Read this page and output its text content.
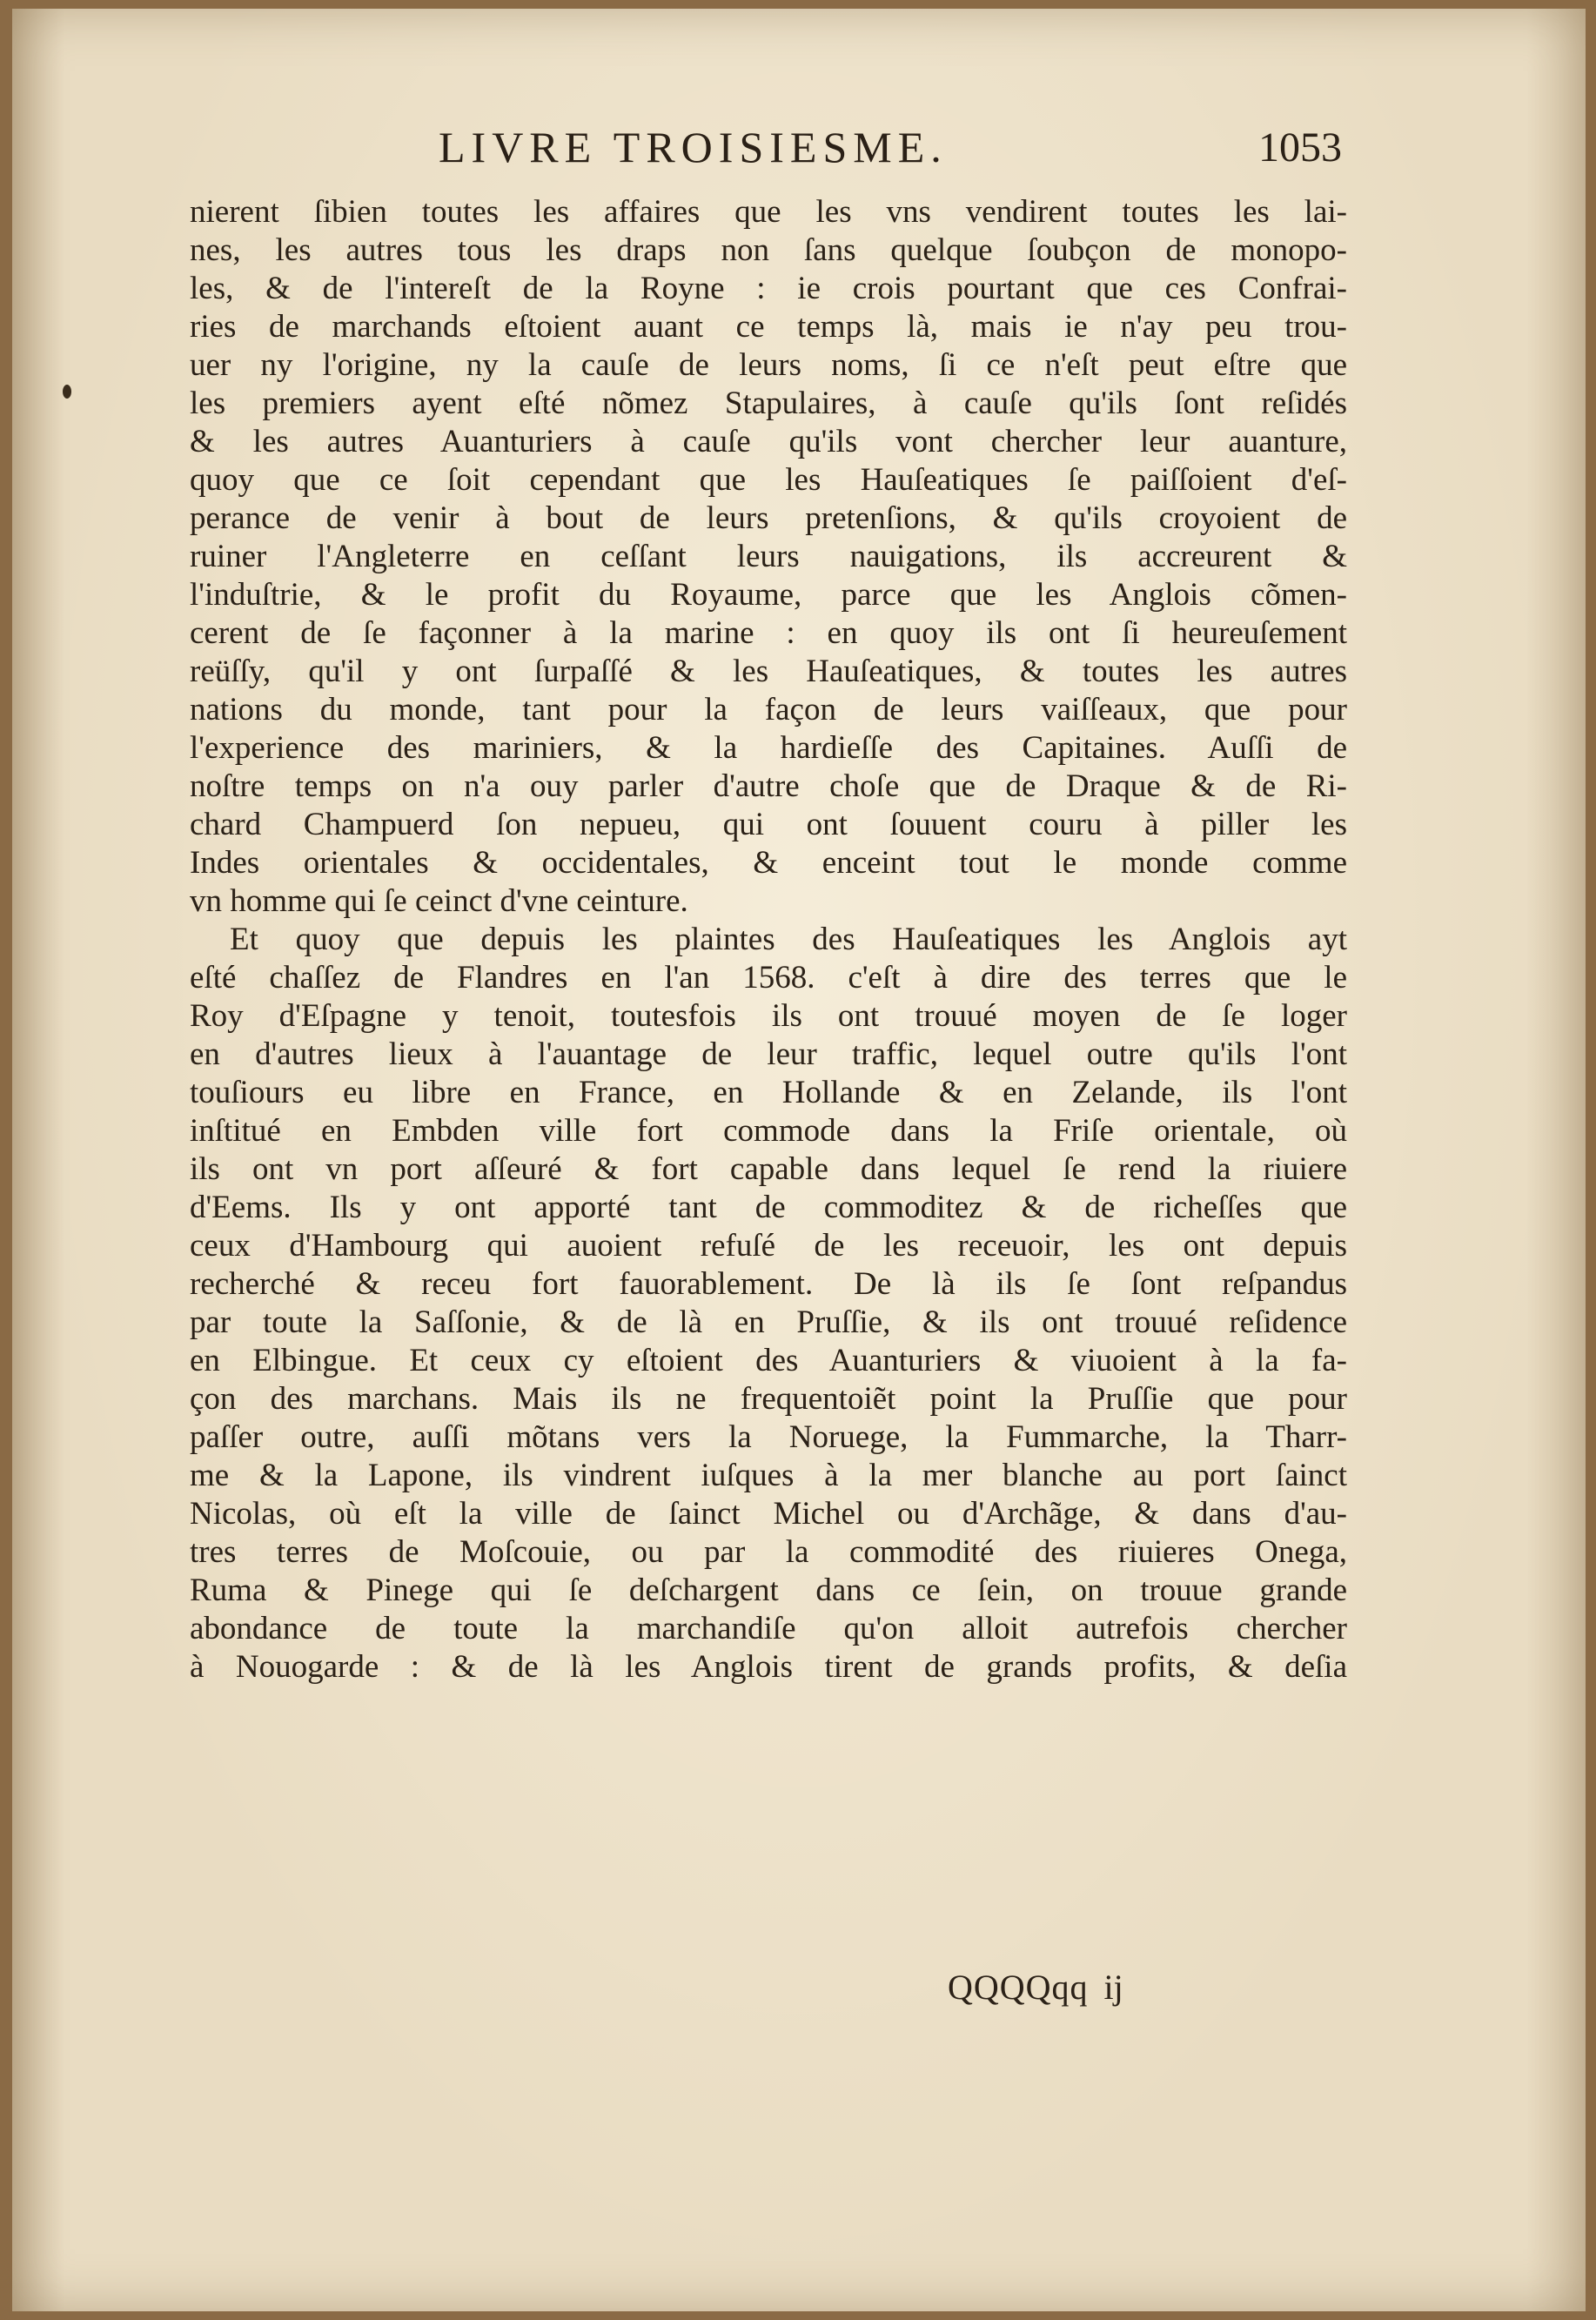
LIVRE TROISIESME.	1053
nierent ſibien toutes les affaires que les vns vendirent toutes les lai-
nes, les autres tous les draps non ſans quelque ſoubçon de monopo-
les, & de l'intereſt de la Royne : ie crois pourtant que ces Confrai-
ries de marchands eſtoient auant ce temps là, mais ie n'ay peu trou-
uer ny l'origine, ny la cauſe de leurs noms, ſi ce n'eſt peut eſtre que
les premiers ayent eſté nõmez Stapulaires, à cauſe qu'ils ſont reſidés
& les autres Auanturiers à cauſe qu'ils vont chercher leur auanture,
quoy que ce ſoit cependant que les Hauſeatiques ſe paiſſoient d'eſ-
perance de venir à bout de leurs pretenſions, & qu'ils croyoient de
ruiner l'Angleterre en ceſſant leurs nauigations, ils accreurent &
l'induſtrie, & le profit du Royaume, parce que les Anglois cõmen-
cerent de ſe façonner à la marine : en quoy ils ont ſi heureuſement
reüſſy, qu'il y ont ſurpaſſé & les Hauſeatiques, & toutes les autres
nations du monde, tant pour la façon de leurs vaiſſeaux, que pour
l'experience des mariniers, & la hardieſſe des Capitaines. Auſſi de
noſtre temps on n'a ouy parler d'autre choſe que de Draque & de Ri-
chard Champuerd ſon nepueu, qui ont ſouuent couru à piller les
Indes orientales & occidentales, & enceint tout le monde comme
vn homme qui ſe ceinct d'vne ceinture.
Et quoy que depuis les plaintes des Hauſeatiques les Anglois ayt
eſté chaſſez de Flandres en l'an 1568. c'eſt à dire des terres que le
Roy d'Eſpagne y tenoit, toutesfois ils ont trouué moyen de ſe loger
en d'autres lieux à l'auantage de leur traffic, lequel outre qu'ils l'ont
touſiours eu libre en France, en Hollande & en Zelande, ils l'ont
inſtitué en Embden ville fort commode dans la Friſe orientale, où
ils ont vn port aſſeuré & fort capable dans lequel ſe rend la riuiere
d'Eems. Ils y ont apporté tant de commoditez & de richeſſes que
ceux d'Hambourg qui auoient refuſé de les receuoir, les ont depuis
recherché & receu fort fauorablement. De là ils ſe ſont reſpandus
par toute la Saſſonie, & de là en Pruſſie, & ils ont trouué reſidence
en Elbingue. Et ceux cy eſtoient des Auanturiers & viuoient à la fa-
çon des marchans. Mais ils ne frequentoiẽt point la Pruſſie que pour
paſſer outre, auſſi mõtans vers la Noruege, la Fummarche, la Tharr-
me & la Lapone, ils vindrent iuſques à la mer blanche au port ſainct
Nicolas, où eſt la ville de ſainct Michel ou d'Archãge, & dans d'au-
tres terres de Moſcouie, ou par la commodité des riuieres Onega,
Ruma & Pinege qui ſe deſchargent dans ce ſein, on trouue grande
abondance de toute la marchandiſe qu'on alloit autrefois chercher
à Nouogarde : & de là les Anglois tirent de grands profits, & deſia
QQQQqq ij
